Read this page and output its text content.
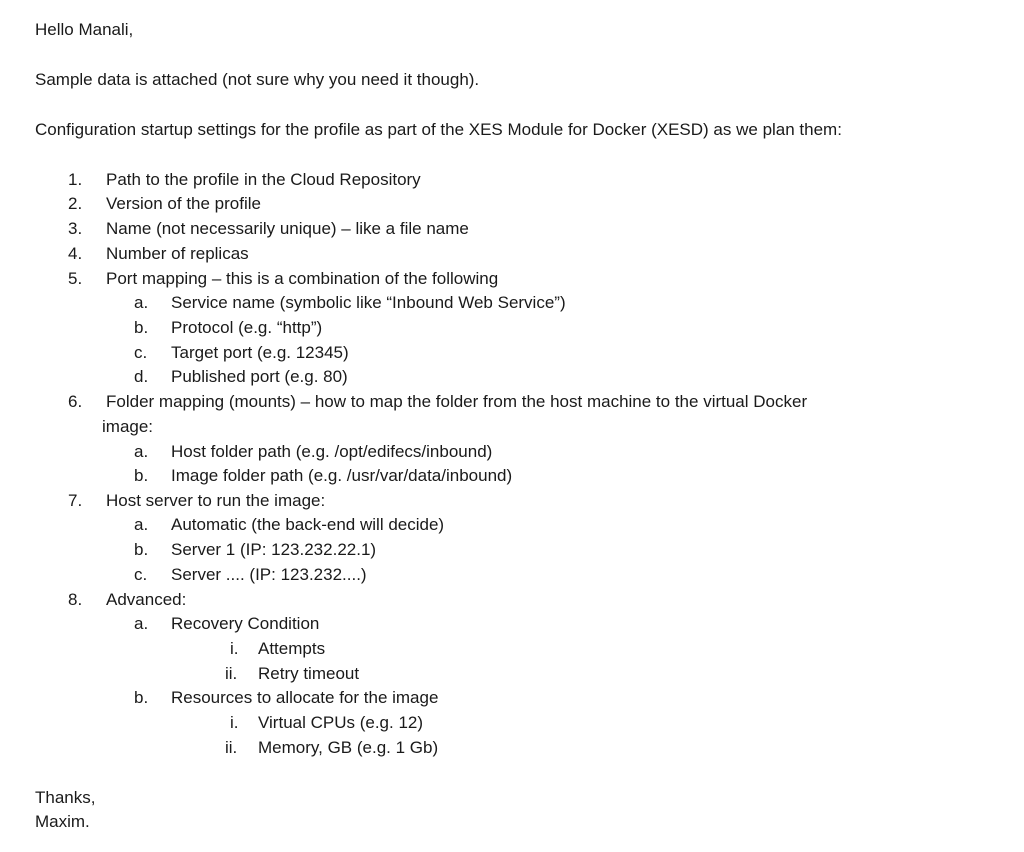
Hello Manali,
Sample data is attached (not sure why you need it though).
Configuration startup settings for the profile as part of the XES Module for Docker (XESD) as we plan them:
1. Path to the profile in the Cloud Repository
2. Version of the profile
3. Name (not necessarily unique) – like a file name
4. Number of replicas
5. Port mapping – this is a combination of the following
a. Service name (symbolic like “Inbound Web Service”)
b. Protocol (e.g. “http”)
c. Target port (e.g. 12345)
d. Published port (e.g. 80)
6. Folder mapping (mounts) – how to map the folder from the host machine to the virtual Docker
image:
a. Host folder path (e.g. /opt/edifecs/inbound)
b. Image folder path (e.g. /usr/var/data/inbound)
7. Host server to run the image:
a. Automatic (the back-end will decide)
b. Server 1 (IP: 123.232.22.1)
c. Server .... (IP: 123.232....)
8. Advanced:
a. Recovery Condition
i. Attempts
ii. Retry timeout
b. Resources to allocate for the image
i. Virtual CPUs (e.g. 12)
ii. Memory, GB (e.g. 1 Gb)
Thanks,
Maxim.
